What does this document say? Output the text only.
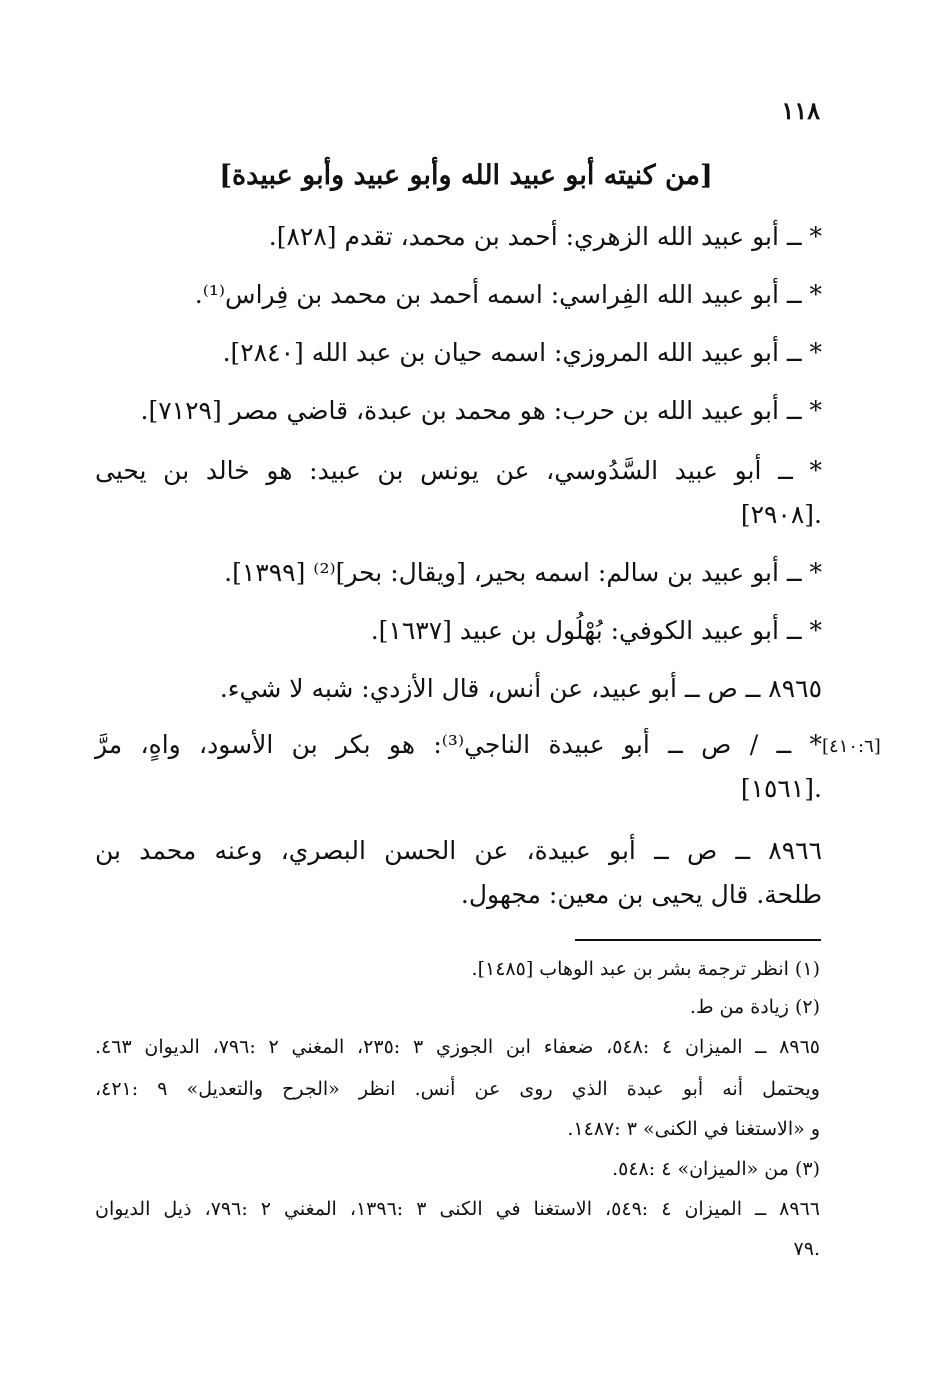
١١٨
[من كنيته أبو عبيد الله وأبو عبيد وأبو عبيدة]
* ــ أبو عبيد الله الزهري: أحمد بن محمد، تقدم [٨٢٨].
* ــ أبو عبيد الله الفِراسي: اسمه أحمد بن محمد بن فِراس⁽¹⁾.
* ــ أبو عبيد الله المروزي: اسمه حيان بن عبد الله [٢٨٤٠].
* ــ أبو عبيد الله بن حرب: هو محمد بن عبدة، قاضي مصر [٧١٢٩].
* ــ أبو عبيد السَّدُوسي، عن يونس بن عبيد: هو خالد بن يحيى
[٢٩٠٨].
* ــ أبو عبيد بن سالم: اسمه بحير، [ويقال: بحر]⁽²⁾ [١٣٩٩].
* ــ أبو عبيد الكوفي: بُهْلُول بن عبيد [١٦٣٧].
٨٩٦٥ ــ ص ــ أبو عبيد، عن أنس، قال الأزدي: شبه لا شيء.
* ــ / ص ــ أبو عبيدة الناجي⁽³⁾: هو بكر بن الأسود، واهٍ، مرَّ
[١٥٦١].
٨٩٦٦ ــ ص ــ أبو عبيدة، عن الحسن البصري، وعنه محمد بن
طلحة. قال يحيى بن معين: مجهول.
[٤١٠:٦]
(١) انظر ترجمة بشر بن عبد الوهاب [١٤٨٥].
(٢) زيادة من ط.
٨٩٦٥ ــ الميزان ٤ :٥٤٨، ضعفاء ابن الجوزي ٣ :٢٣٥، المغني ٢ :٧٩٦، الديوان ٤٦٣.
ويحتمل أنه أبو عبدة الذي روى عن أنس. انظر «الجرح والتعديل» ٩ :٤٢١،
و «الاستغنا في الكنى» ٣ :١٤٨٧.
(٣) من «الميزان» ٤ :٥٤٨.
٨٩٦٦ ــ الميزان ٤ :٥٤٩، الاستغنا في الكنى ٣ :١٣٩٦، المغني ٢ :٧٩٦، ذيل الديوان
٧٩.
